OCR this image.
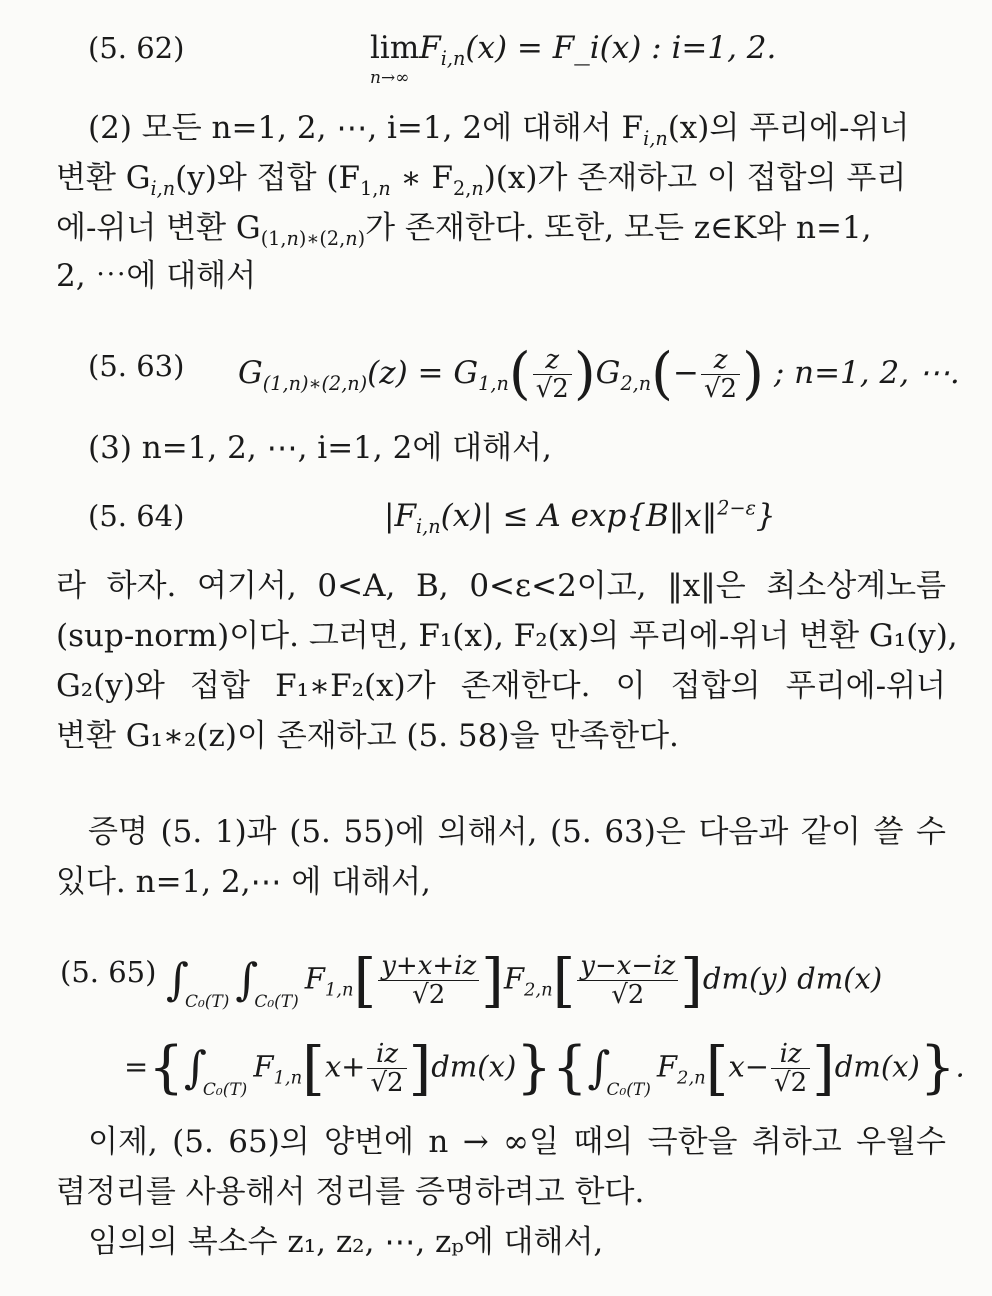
(5. 62)	lim
n→∞
$F_{i,n}(x)$ = F_i(x) : i=1, 2.
(2) 모든 n=1, 2, ⋯, i=1, 2에 대해서 $F_{i,n}(x)$의 푸리에-위너
변환 $G_{i,n}(y)$와 접합 ($F_{1,n}$ ∗ $F_{2,n})(x)$가 존재하고 이 접합의 푸리
에-위너 변환 $G_{(1,n)∗(2,n)}$가 존재한다. 또한, 모든 z∈K와 n=1,
2, ⋯에 대해서
(5. 63) $G_{(1,n)∗(2,n)}(z) = G_{1,n}( \frac{z}{√2} )G_{2,n}(- \frac{z}{√2}$ ) ; n=1, 2, ⋯.
(3) n=1, 2, ⋯, i=1, 2에 대해서,
(5. 64)	$|F_{i,n}(x)| \le A$ exp{B‖x‖$^{2-\varepsilon}$}
라 하자. 여기서, 0<A, B, 0<ε<2이고, ‖x‖은 최소상계노름
(sup-norm)이다. 그러면, F₁(x), F₂(x)의 푸리에-위너 변환 G₁(y),
G₂(y)와 접합 F₁∗F₂(x)가 존재한다. 이 접합의 푸리에-위너
변환 G₁∗₂(z)이 존재하고 (5. 58)을 만족한다.
증명 (5. 1)과 (5. 55)에 의해서, (5. 63)은 다음과 같이 쓸 수
있다. n=1, 2,⋯ 에 대해서,
(5. 65) $\int_{C_0(T)}$ $\int_{C_0(T)}F_{1,n}[ \frac{y+x+iz}{√2} ]F_{2,n}[ \frac{y-x-iz}{√2} ]dm(y)$ dm(x)
$=\{\int_{C_0(T)}F_{1,n}[x+ \frac{iz}{√2} ]dm(x)\}\{\int_{C_0(T)}F_{2,n}[x- \frac{iz}{√2} ]dm(x)\}$.
이제, (5. 65)의 양변에 n → ∞일 때의 극한을 취하고 우월수
렴정리를 사용해서 정리를 증명하려고 한다.
임의의 복소수 z₁, z₂, ⋯, zₚ에 대해서,
